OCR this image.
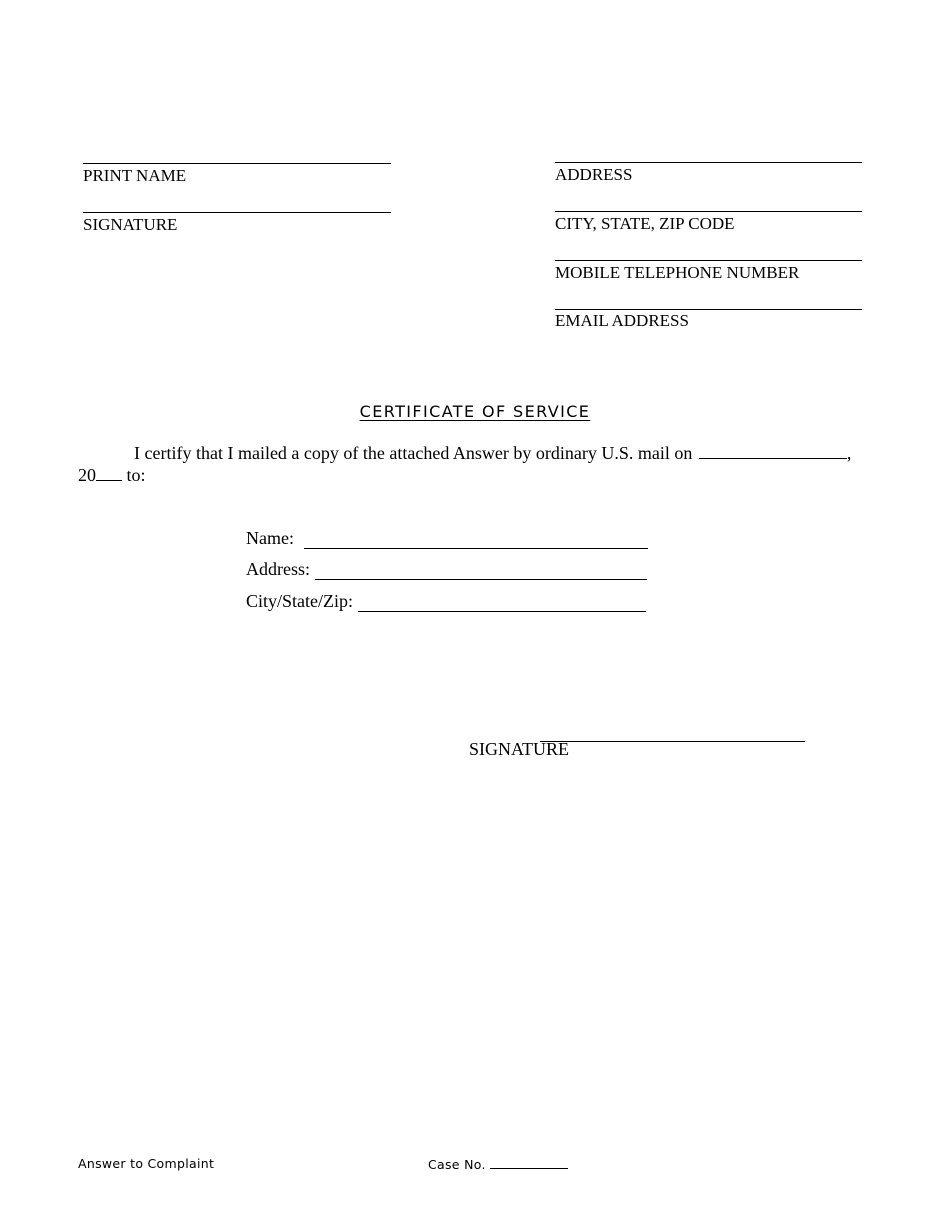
PRINT NAME
SIGNATURE
ADDRESS
CITY, STATE, ZIP CODE
MOBILE TELEPHONE NUMBER
EMAIL ADDRESS
CERTIFICATE OF SERVICE
I certify that I mailed a copy of the attached Answer by ordinary U.S. mail on	,
20 to:
Name:
Address:
City/State/Zip:
SIGNATURE
Answer to Complaint	Case No.
